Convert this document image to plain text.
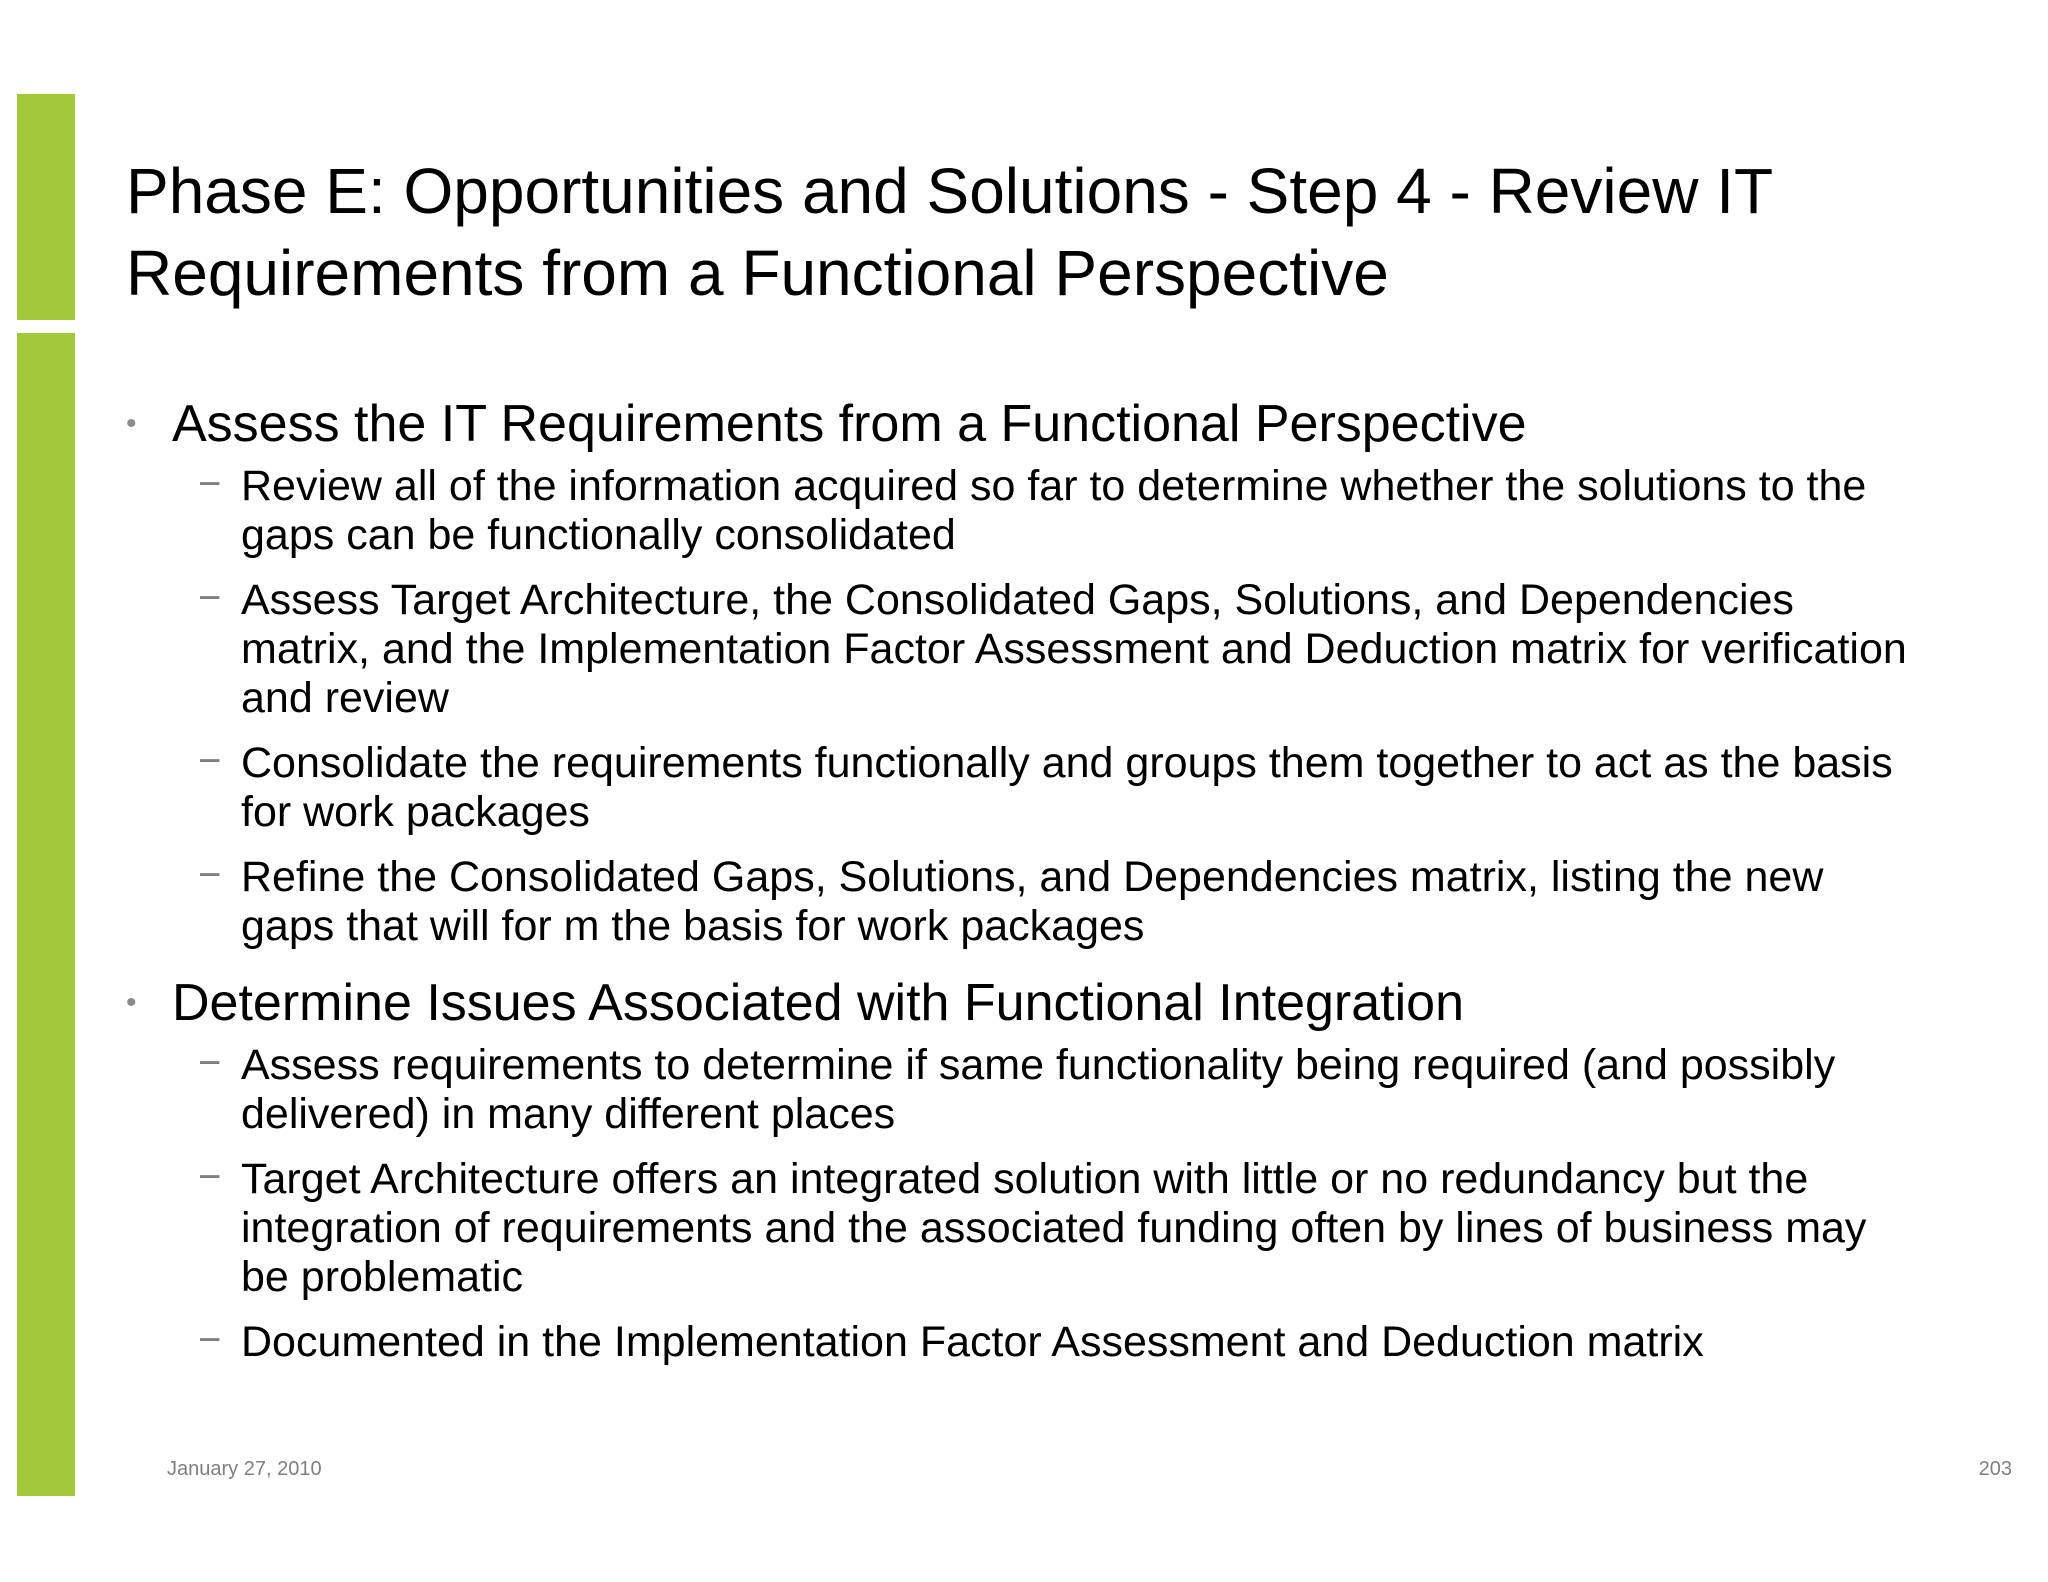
Phase E: Opportunities and Solutions - Step 4 - Review IT Requirements from a Functional Perspective
• Assess the IT Requirements from a Functional Perspective
− Review all of the information acquired so far to determine whether the solutions to the gaps can be functionally consolidated
− Assess Target Architecture, the Consolidated Gaps, Solutions, and Dependencies matrix, and the Implementation Factor Assessment and Deduction matrix for verification and review
− Consolidate the requirements functionally and groups them together to act as the basis for work packages
− Refine the Consolidated Gaps, Solutions, and Dependencies matrix, listing the new gaps that will for m the basis for work packages
• Determine Issues Associated with Functional Integration
− Assess requirements to determine if same functionality being required (and possibly delivered) in many different places
− Target Architecture offers an integrated solution with little or no redundancy but the integration of requirements and the associated funding often by lines of business may be problematic
− Documented in the Implementation Factor Assessment and Deduction matrix
January 27, 2010	203
